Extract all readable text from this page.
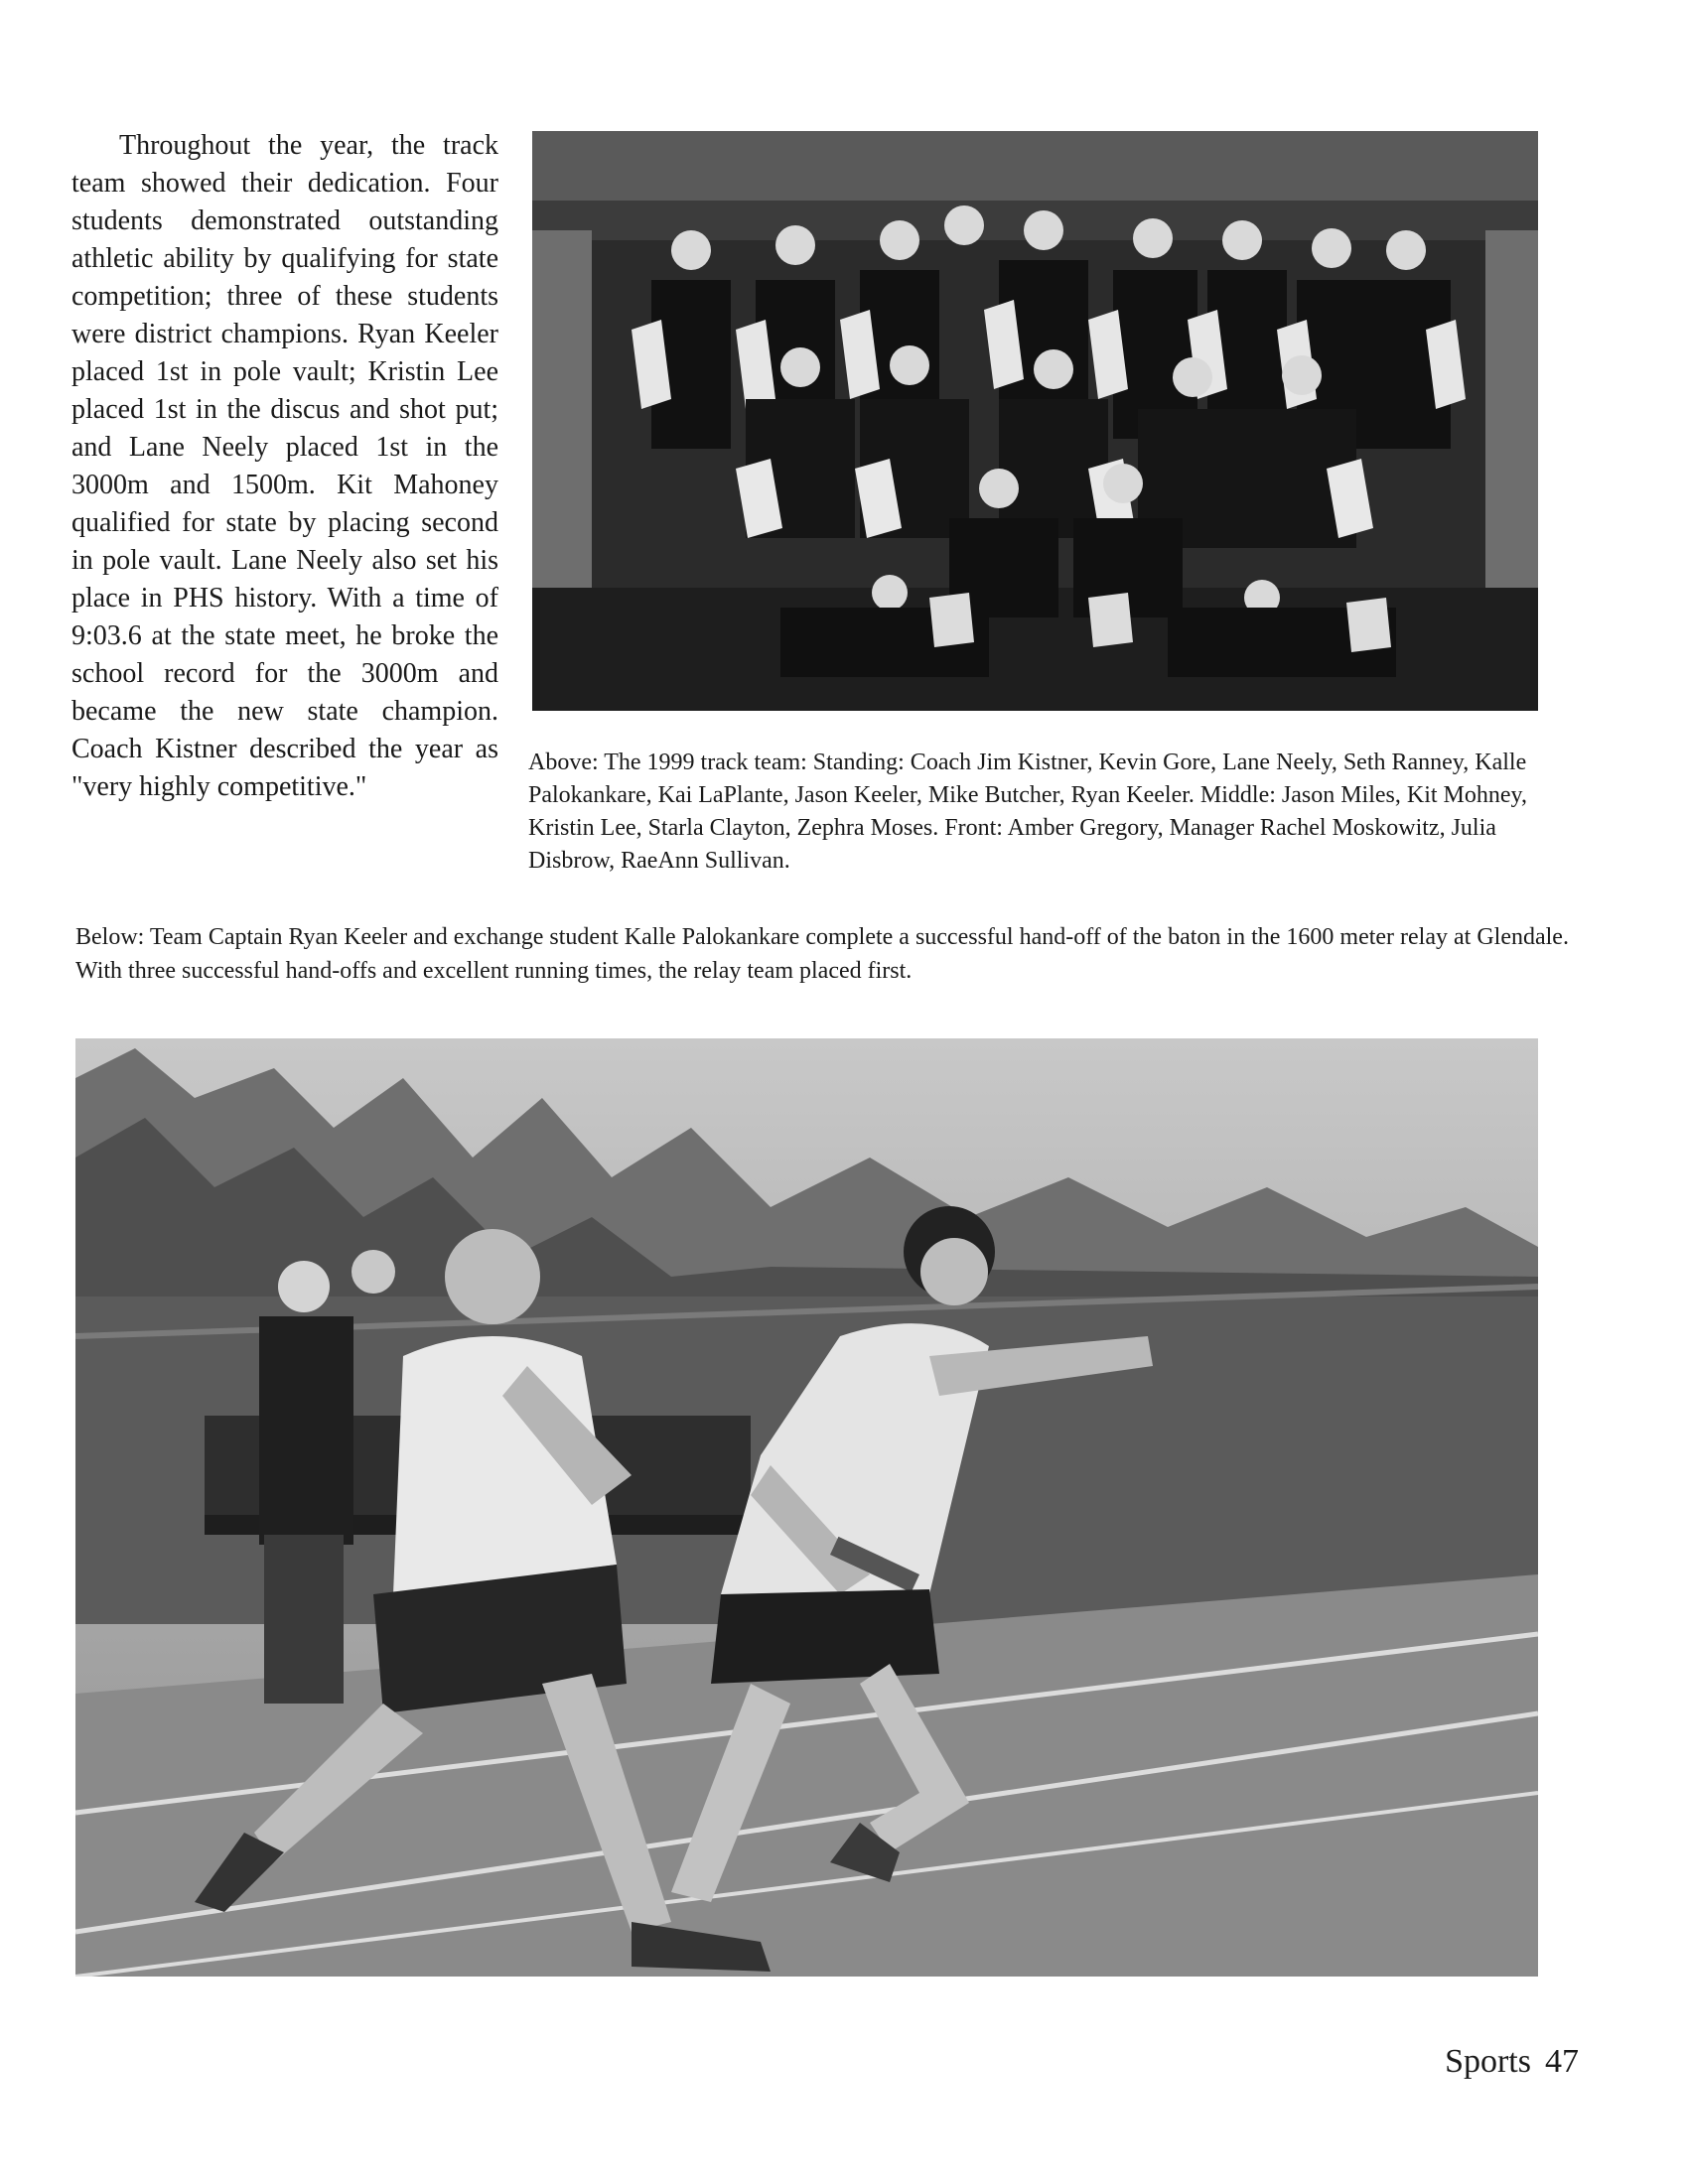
Throughout the year, the track team showed their dedication. Four students demonstrated outstanding athletic ability by qualifying for state competition; three of these students were district champions. Ryan Keeler placed 1st in pole vault; Kristin Lee placed 1st in the discus and shot put; and Lane Neely placed 1st in the 3000m and 1500m. Kit Mahoney qualified for state by placing second in pole vault. Lane Neely also set his place in PHS history. With a time of 9:03.6 at the state meet, he broke the school record for the 3000m and became the new state champion. Coach Kistner described the year as "very highly competitive."

Above: The 1999 track team: Standing: Coach Jim Kistner, Kevin Gore, Lane Neely, Seth Ranney, Kalle Palokankare, Kai LaPlante, Jason Keeler, Mike Butcher, Ryan Keeler. Middle: Jason Miles, Kit Mohney, Kristin Lee, Starla Clayton, Zephra Moses. Front: Amber Gregory, Manager Rachel Moskowitz, Julia Disbrow, RaeAnn Sullivan.
Below: Team Captain Ryan Keeler and exchange student Kalle Palokankare complete a successful hand-off of the baton in the 1600 meter relay at Glendale. With three successful hand-offs and excellent running times, the relay team placed first.
Sports 47
